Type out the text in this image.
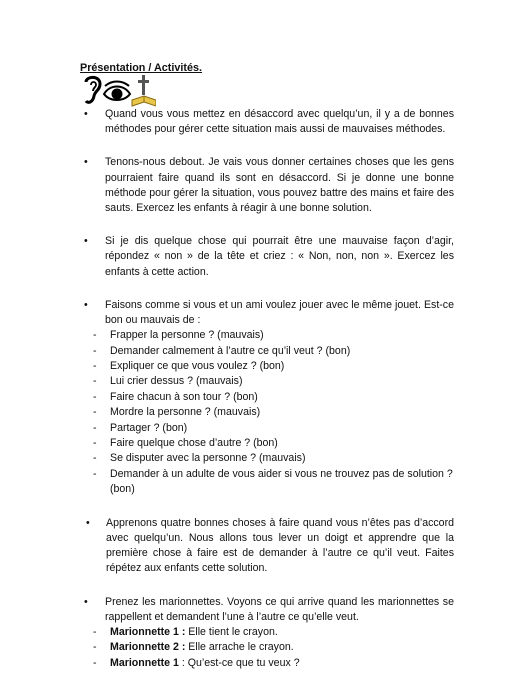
Présentation / Activités.
• Quand vous vous mettez en désaccord avec quelqu’un, il y a de bonnes méthodes pour gérer cette situation mais aussi de mauvaises méthodes.
• Tenons-nous debout. Je vais vous donner certaines choses que les gens pourraient faire quand ils sont en désaccord. Si je donne une bonne méthode pour gérer la situation, vous pouvez battre des mains et faire des sauts. Exercez les enfants à réagir à une bonne solution.
• Si je dis quelque chose qui pourrait être une mauvaise façon d’agir, répondez « non » de la tête et criez : « Non, non, non ». Exercez les enfants à cette action.
• Faisons comme si vous et un ami voulez jouer avec le même jouet. Est-ce bon ou mauvais de :
- Frapper la personne ? (mauvais)
- Demander calmement à l’autre ce qu’il veut ? (bon)
- Expliquer ce que vous voulez ? (bon)
- Lui crier dessus ? (mauvais)
- Faire chacun à son tour ? (bon)
- Mordre la personne ? (mauvais)
- Partager ? (bon)
- Faire quelque chose d’autre ? (bon)
- Se disputer avec la personne ? (mauvais)
- Demander à un adulte de vous aider si vous ne trouvez pas de solution ? (bon)
• Apprenons quatre bonnes choses à faire quand vous n’êtes pas d’accord avec quelqu’un. Nous allons tous lever un doigt et apprendre que la première chose à faire est de demander à l’autre ce qu’il veut. Faites répétez aux enfants cette solution.
• Prenez les marionnettes. Voyons ce qui arrive quand les marionnettes se rappellent et demandent l’une à l’autre ce qu’elle veut.
- Marionnette 1 : Elle tient le crayon.
- Marionnette 2 : Elle arrache le crayon.
- Marionnette 1 : Qu’est-ce que tu veux ?
